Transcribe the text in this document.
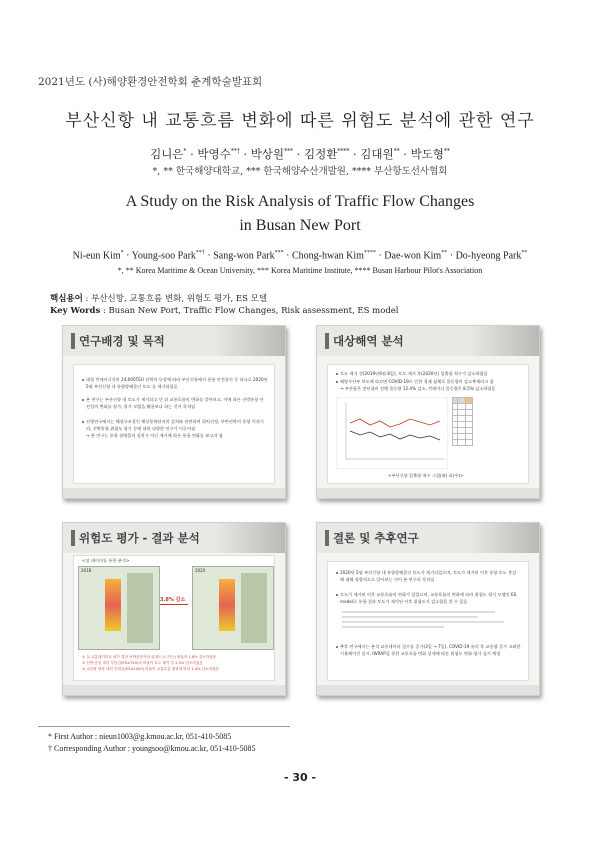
2021년도 (사)해양환경안전학회 춘계학술발표회
부산신항 내 교통흐름 변화에 따른 위험도 분석에 관한 연구
김니은* · 박영수**† · 박상원*** · 김정환**** · 김대원** · 박도형**
*, ** 한국해양대학교, *** 한국해양수산개발원, **** 부산항도선사협회
A Study on the Risk Analysis of Traffic Flow Changes
in Busan New Port
Ni-eun Kim* · Young-soo Park**† · Sang-won Park*** · Chong-hwan Kim**** · Dae-won Kim** · Do-hyeong Park**
*, ** Korea Maritime & Ocean University, *** Korea Maritime Institute, **** Busan Harbour Pilot's Association
핵심용어 : 부산신항, 교통흐름 변화, 위험도 평가, ES 모델
Key Words : Busan New Port, Traffic Flow Changes, Risk assessment, ES model
연구배경 및 목적
대형 컨테이너선의 24,000TEU 선박의 등장에 따라 부산신항에서 통항 안전상의 중 하나로 2020년
5월 부산신항 내 통항방해물인 토도 를 제거하였음
본 연구는 부산신항 내 토도가 제거되고 난 뒤 교통흐름의 변화를 알아보고, 이에 따른 선박통항 안
전성의 변화를 평가, 평가 모델을 활용보다 하는 것이 목적임
선행연구에서는 해상구조물인 해상풍력단지의 설치와 관련하여 위치선정, 주변선박의 통항 이격거
리, 선박통항 위험도 평가 등에 대한 다양한 연구가 이루어짐
→ 본 연구는 통항 장애물의 설치가 아닌 제거에 따른 통항 변화를 보고자 함
대상해역 분석
토도 제거 전(2019년6월 8일), 토도 제거 후(2020년) 입출항 척수가 감소하였음
해양수산부 보도에 따르면 COVID-19로 인한 경제 침체로 물동량이 감소추세라고 함
→ 부산항은 전년대비 전체 물동량 12.4% 감소, 컨테이너 물동량은 8.5% 감소하였음

<부산신항 입출항 척수 그림(좌) 표(우)>
위험도 평가 - 결과 분석
<실 데이터를 통한 분석>
2018	2020
3.8% 감소
① 실 교통데이터로 평가 결과 선박운항자의 위험도 (느끼는) 비율이 1.8% 감소하였음
② 선박 운항 대한 부담감(ES≥750)의 비율이 토도 제거 후 2.3% 감소하였음
③ 교통량 변화 대한 부담감(ES≥1000) 비율이 교통흐름 변화에 따라 1.4% 감소하였음
결론 및 추후연구
2020년 5월 부산신항 내 통항방해물인 토도가 제거되었으며, 토도가 제거된 이후 통항 토도 총감
해 대해 정량적으로 알아보는 것이 본 연구의 목적임
토도가 제거된 이후 교통흐름의 변화가 있었으며, 교통흐름의 변화에 따라 위험도 평가 모델인 ES
model로 통항 결과 토도가 제거된 이후 위험도가 감소함을 알 수 있음
추후 연구에서는 분석 교통데이터 일수를 증가(3일 → 7일), COVID-19 유의 후 교통량 증가 고려한
시뮬레이션 실시, IWRAP을 통한 교통흐름 변화 상세에 따른 위험도 변화 평가 실시 예정
* First Author : nieun1003@g.kmou.ac.kr, 051-410-5085
† Corresponding Author : youngsoo@kmou.ac.kr, 051-410-5085
- 30 -
